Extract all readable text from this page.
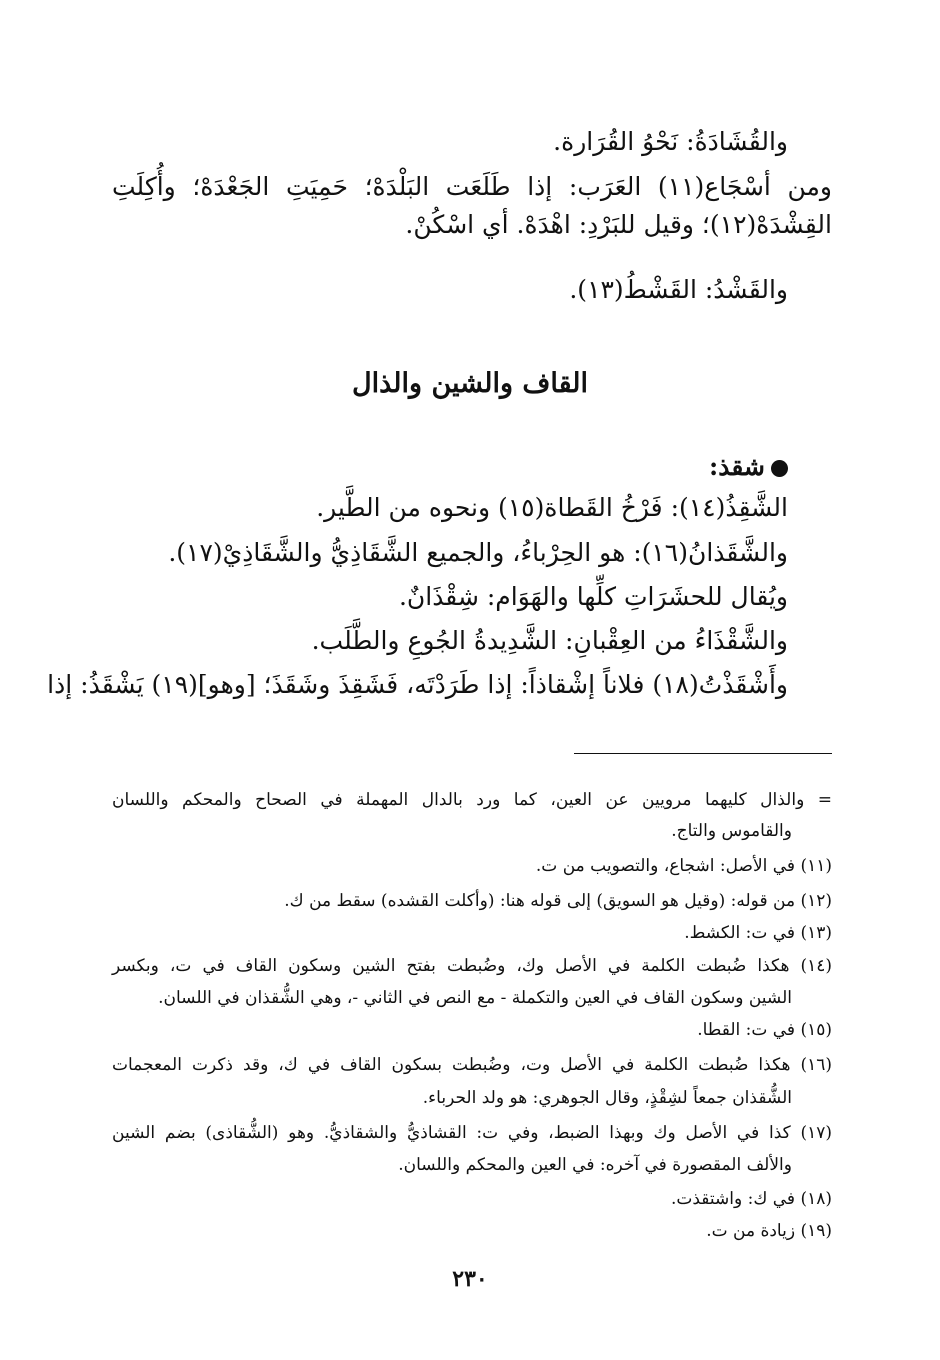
والقُشَادَةُ: نَحْوُ القُرَارة.

ومن أسْجَاع(١١) العَرَب: إذا طَلَعَت البَلْدَهْ؛ حَمِيَتِ الجَعْدَهْ؛ وأُكِلَتِ

القِشْدَهْ(١٢)؛ وقيل للبَرْدِ: اهْدَهْ. أي اسْكُنْ.

والقَشْدُ: القَشْطُ(١٣).

القاف والشين والذال

شقذ:

الشَّقِذُ(١٤): فَرْخُ القَطاة(١٥) ونحوه من الطَّير.

والشَّقَذانُ(١٦): هو الحِرْباءُ، والجميع الشَّقَاذِيُّ والشَّقَاذِيْ(١٧).

ويُقال للحشَرَاتِ كلِّها والهَوَام: شِقْذَانٌ.

والشَّقْذَاءُ من العِقْبانِ: الشَّدِيدةُ الجُوعِ والطَّلَب.

وأَشْقَذْتُ(١٨) فلاناً إشْقاذاً: إذا طَرَدْتَه، فَشَقِذَ وشَقَذَ؛ [وهو](١٩) يَشْقَذُ: إذا

= والذال كليهما مرويين عن العين، كما ورد بالدال المهملة في الصحاح والمحكم واللسان

والقاموس والتاج.

(١١) في الأصل: اشجاع، والتصويب من ت.

(١٢) من قوله: (وقيل هو السويق) إلى قوله هنا: (وأكلت القشده) سقط من ك.

(١٣) في ت: الكشط.

(١٤) هكذا ضُبطت الكلمة في الأصل وك، وضُبطت بفتح الشين وسكون القاف في ت، وبكسر

الشين وسكون القاف في العين والتكملة - مع النص في الثاني -، وهي الشُّقذان في اللسان.

(١٥) في ت: القطا.

(١٦) هكذا ضُبطت الكلمة في الأصل وت، وضُبطت بسكون القاف في ك، وقد ذكرت المعجمات

الشُّقذان جمعاً لشِقْذٍ، وقال الجوهري: هو ولد الحرباء.

(١٧) كذا في الأصل وك وبهذا الضبط، وفي ت: القشاذيُّ والشقاذيُّ. وهو (الشُّقاذى) بضم الشين

والألف المقصورة في آخره: في العين والمحكم واللسان.

(١٨) في ك: واشتقذت.

(١٩) زيادة من ت.

٢٣٠
